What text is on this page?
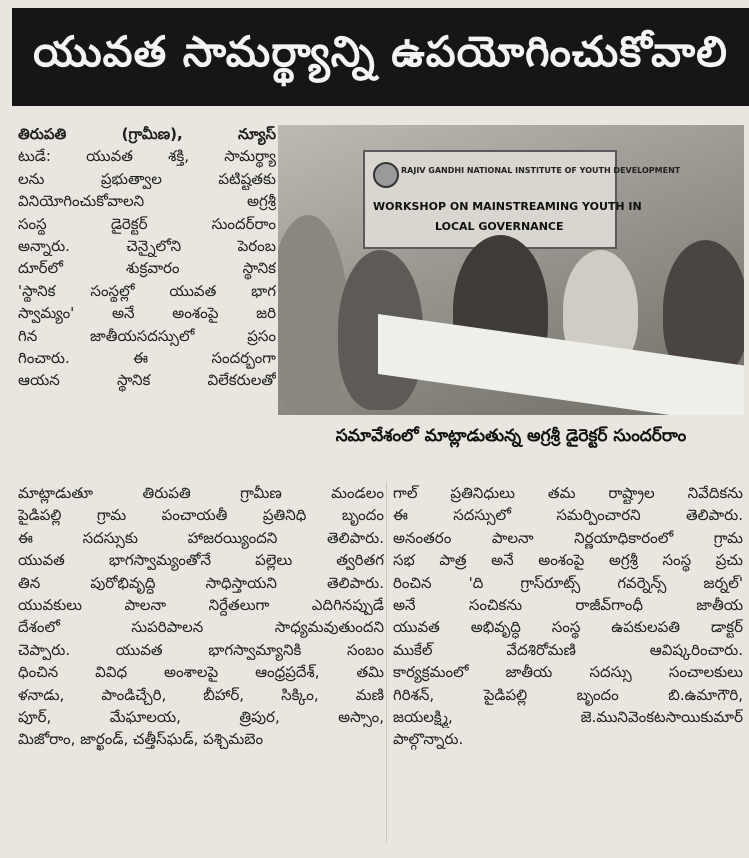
యువత సామర్థ్యాన్ని ఉపయోగించుకోవాలి
తిరుపతి (గ్రామీణ), న్యూస్
టుడే: యువత శక్తి, సామర్థ్యా
లను ప్రభుత్వాల పటిష్టతకు
వినియోగించుకోవాలని అగ్రశ్రీ
సంస్థ డైరెక్టర్ సుందర్‌రాం
అన్నారు. చెన్నైలోని పెరంబ
దూర్‌లో శుక్రవారం స్థానిక
'స్థానిక సంస్థల్లో యువత భాగ
స్వామ్యం' అనే అంశంపై జరి
గిన జాతీయసదస్సులో ప్రసం
గించారు. ఈ సందర్భంగా
ఆయన స్థానిక విలేకరులతో
RAJIV GANDHI NATIONAL INSTITUTE OF YOUTH DEVELOPMENT
WORKSHOP ON MAINSTREAMING YOUTH IN
LOCAL GOVERNANCE
సమావేశంలో మాట్లాడుతున్న అగ్రశ్రీ డైరెక్టర్ సుందర్‌రాం
మాట్లాడుతూ తిరుపతి గ్రామీణ మండలం
పైడిపల్లి గ్రామ పంచాయతీ ప్రతినిధి బృందం
ఈ సదస్సుకు హాజరయ్యిందని తెలిపారు.
యువత భాగస్వామ్యంతోనే పల్లెలు త్వరితగ
తిన పురోభివృద్ధి సాధిస్తాయని తెలిపారు.
యువకులు పాలనా నిర్దేతలుగా ఎదిగినప్పుడే
దేశంలో సుపరిపాలన సాధ్యమవుతుందని
చెప్పారు. యువత భాగస్వామ్యానికి సంబం
ధించిన వివిధ అంశాలపై ఆంధ్రప్రదేశ్, తమి
ళనాడు, పాండిచ్చేరి, బీహార్, సిక్కిం, మణి
పూర్, మేఘాలయ, త్రిపుర, అస్సాం,
మిజోరాం, జార్ఖండ్, చత్తీస్‌ఘడ్, పశ్చిమబెం
గాల్ ప్రతినిధులు తమ రాష్ట్రాల నివేదికను
ఈ సదస్సులో సమర్పించారని తెలిపారు.
అనంతరం పాలనా నిర్ణయాధికారంలో గ్రామ
సభ పాత్ర అనే అంశంపై అగ్రశ్రీ సంస్థ ప్రచు
రించిన 'ది గ్రాస్‌రూట్స్ గవర్నెన్స్ జర్నల్'
అనే సంచికను రాజీవ్‌గాంధీ జాతీయ
యువత అభివృద్ధి సంస్థ ఉపకులపతి డాక్టర్
ముకేల్ వేదశిరోమణి ఆవిష్కరించారు.
కార్యక్రమంలో జాతీయ సదస్సు సంచాలకులు
గిరిశన్, పైడిపల్లి బృందం బి.ఉమాగౌరి,
జయలక్ష్మి, జె.మునివెంకటసాయికుమార్
పాల్గొన్నారు.
